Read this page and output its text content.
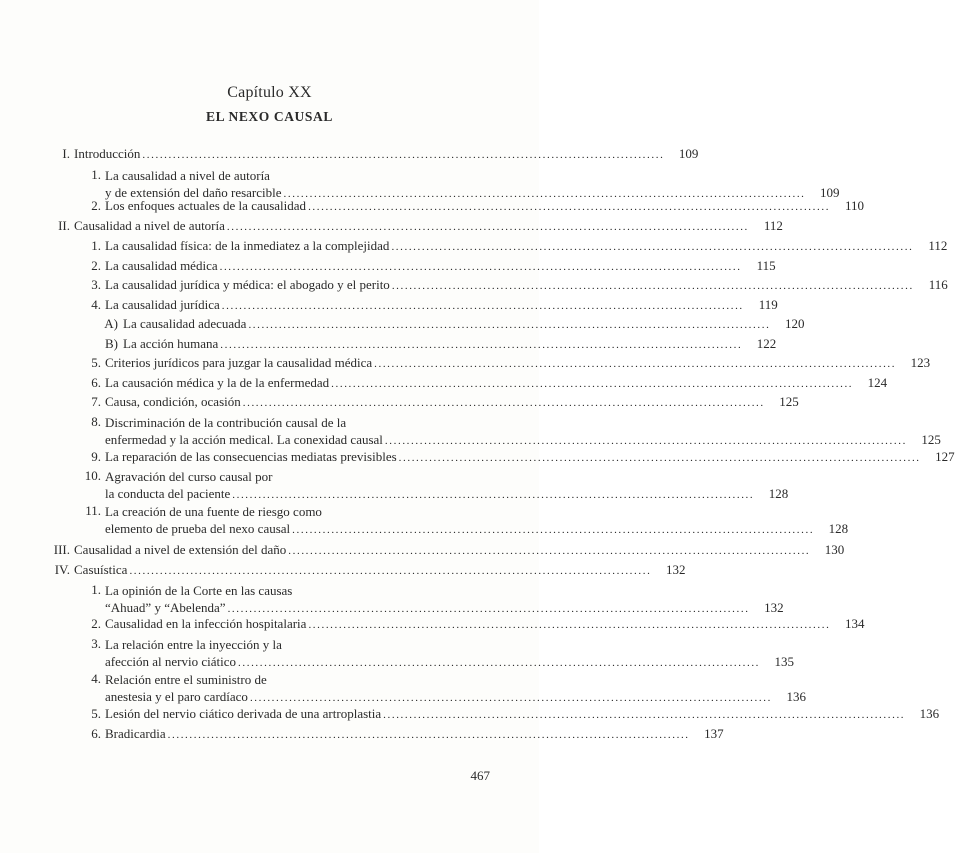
Capítulo XX
EL NEXO CAUSAL
I. Introducción ........................................................................................................................	109
1. La causalidad a nivel de autoría
y de extensión del daño resarcible ........................................................................................................................	109
2. Los enfoques actuales de la causalidad ........................................................................................................................	110
II. Causalidad a nivel de autoría ........................................................................................................................	112
1. La causalidad física: de la inmediatez a la complejidad ........................................................................................................................	112
2. La causalidad médica ........................................................................................................................	115
3. La causalidad jurídica y médica: el abogado y el perito ........................................................................................................................	116
4. La causalidad jurídica ........................................................................................................................	119
A) La causalidad adecuada ........................................................................................................................	120
B) La acción humana ........................................................................................................................	122
5. Criterios jurídicos para juzgar la causalidad médica ........................................................................................................................	123
6. La causación médica y la de la enfermedad ........................................................................................................................	124
7. Causa, condición, ocasión ........................................................................................................................	125
8. Discriminación de la contribución causal de la
enfermedad y la acción medical. La conexidad causal ........................................................................................................................	125
9. La reparación de las consecuencias mediatas previsibles ........................................................................................................................	127
10. Agravación del curso causal por
la conducta del paciente ........................................................................................................................	128
11. La creación de una fuente de riesgo como
elemento de prueba del nexo causal ........................................................................................................................	128
III. Causalidad a nivel de extensión del daño ........................................................................................................................	130
IV. Casuística ........................................................................................................................	132
1. La opinión de la Corte en las causas
“Ahuad” y “Abelenda” ........................................................................................................................	132
2. Causalidad en la infección hospitalaria ........................................................................................................................	134
3. La relación entre la inyección y la
afección al nervio ciático ........................................................................................................................	135
4. Relación entre el suministro de
anestesia y el paro cardíaco ........................................................................................................................	136
5. Lesión del nervio ciático derivada de una artroplastia ........................................................................................................................	136
6. Bradicardia ........................................................................................................................	137
467
